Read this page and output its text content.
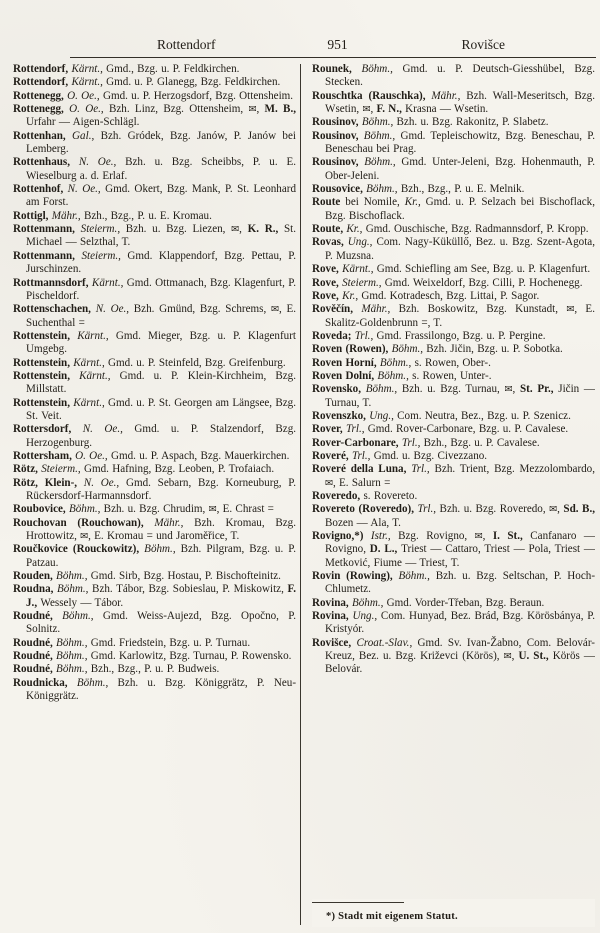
Rottendorf	951	Rovišce

Rottendorf, Kärnt., Gmd., Bzg. u. P. Feldkirchen.

Rottendorf, Kärnt., Gmd. u. P. Glanegg, Bzg. Feldkirchen.

Rottenegg, O. Oe., Gmd. u. P. Herzogsdorf, Bzg. Ottensheim.

Rottenegg, O. Oe., Bzh. Linz, Bzg. Ottensheim, ✉, M. B., Urfahr — Aigen-Schlägl.

Rottenhan, Gal., Bzh. Gródek, Bzg. Janów, P. Janów bei Lemberg.

Rottenhaus, N. Oe., Bzh. u. Bzg. Scheibbs, P. u. E. Wieselburg a. d. Erlaf.

Rottenhof, N. Oe., Gmd. Okert, Bzg. Mank, P. St. Leonhard am Forst.

Rottigl, Mähr., Bzh., Bzg., P. u. E. Kromau.

Rottenmann, Steierm., Bzh. u. Bzg. Liezen, ✉, K. R., St. Michael — Selzthal, T.

Rottenmann, Steierm., Gmd. Klappendorf, Bzg. Pettau, P. Jurschinzen.

Rottmannsdorf, Kärnt., Gmd. Ottmanach, Bzg. Klagenfurt, P. Pischeldorf.

Rottenschachen, N. Oe., Bzh. Gmünd, Bzg. Schrems, ✉, E. Suchenthal =

Rottenstein, Kärnt., Gmd. Mieger, Bzg. u. P. Klagenfurt Umgebg.

Rottenstein, Kärnt., Gmd. u. P. Steinfeld, Bzg. Greifenburg.

Rottenstein, Kärnt., Gmd. u. P. Klein-Kirchheim, Bzg. Millstatt.

Rottenstein, Kärnt., Gmd. u. P. St. Georgen am Längsee, Bzg. St. Veit.

Rottersdorf, N. Oe., Gmd. u. P. Stalzendorf, Bzg. Herzogenburg.

Rottersham, O. Oe., Gmd. u. P. Aspach, Bzg. Mauerkirchen.

Rötz, Steierm., Gmd. Hafning, Bzg. Leoben, P. Trofaiach.

Rötz, Klein-, N. Oe., Gmd. Sebarn, Bzg. Korneuburg, P. Rückersdorf-Harmannsdorf.

Roubovice, Böhm., Bzh. u. Bzg. Chrudim, ✉, E. Chrast =

Rouchovan (Rouchowan), Mähr., Bzh. Kromau, Bzg. Hrottowitz, ✉, E. Kromau = und Jaroměřice, T.

Roučkovice (Rouckowitz), Böhm., Bzh. Pilgram, Bzg. u. P. Patzau.

Rouden, Böhm., Gmd. Sirb, Bzg. Hostau, P. Bischofteinitz.

Roudna, Böhm., Bzh. Tábor, Bzg. Sobieslau, P. Miskowitz, F. J., Wessely — Tábor.

Roudné, Böhm., Gmd. Weiss-Aujezd, Bzg. Opočno, P. Solnitz.

Roudné, Böhm., Gmd. Friedstein, Bzg. u. P. Turnau.

Roudné, Böhm., Gmd. Karlowitz, Bzg. Turnau, P. Rowensko.

Roudné, Böhm., Bzh., Bzg., P. u. P. Budweis.

Roudnicka, Böhm., Bzh. u. Bzg. Königgrätz, P. Neu-Königgrätz.

Rounek, Böhm., Gmd. u. P. Deutsch-Giesshübel, Bzg. Stecken.

Rouschtka (Rauschka), Mähr., Bzh. Wall-Meseritsch, Bzg. Wsetin, ✉, F. N., Krasna — Wsetin.

Rousinov, Böhm., Bzh. u. Bzg. Rakonitz, P. Slabetz.

Rousinov, Böhm., Gmd. Tepleischowitz, Bzg. Beneschau, P. Beneschau bei Prag.

Rousinov, Böhm., Gmd. Unter-Jeleni, Bzg. Hohenmauth, P. Ober-Jeleni.

Rousovice, Böhm., Bzh., Bzg., P. u. E. Melnik.

Route bei Nomile, Kr., Gmd. u. P. Selzach bei Bischoflack, Bzg. Bischoflack.

Route, Kr., Gmd. Ouschische, Bzg. Radmannsdorf, P. Kropp.

Rovas, Ung., Com. Nagy-Küküllő, Bez. u. Bzg. Szent-Agota, P. Muzsna.

Rove, Kärnt., Gmd. Schiefling am See, Bzg. u. P. Klagenfurt.

Rove, Steierm., Gmd. Weixeldorf, Bzg. Cilli, P. Hochenegg.

Rove, Kr., Gmd. Kotradesch, Bzg. Littai, P. Sagor.

Rověčín, Mähr., Bzh. Boskowitz, Bzg. Kunstadt, ✉, E. Skalitz-Goldenbrunn =, T.

Roveda; Trl., Gmd. Frassilongo, Bzg. u. P. Pergine.

Roven (Rowen), Böhm., Bzh. Jičin, Bzg. u. P. Sobotka.

Roven Horní, Böhm., s. Rowen, Ober-.

Roven Dolní, Böhm., s. Rowen, Unter-.

Rovensko, Böhm., Bzh. u. Bzg. Turnau, ✉, St. Pr., Jičin — Turnau, T.

Rovenszko, Ung., Com. Neutra, Bez., Bzg. u. P. Szenicz.

Rover, Trl., Gmd. Rover-Carbonare, Bzg. u. P. Cavalese.

Rover-Carbonare, Trl., Bzh., Bzg. u. P. Cavalese.

Roveré, Trl., Gmd. u. Bzg. Civezzano.

Roveré della Luna, Trl., Bzh. Trient, Bzg. Mezzolombardo, ✉, E. Salurn =

Roveredo, s. Rovereto.

Rovereto (Roveredo), Trl., Bzh. u. Bzg. Roveredo, ✉, Sd. B., Bozen — Ala, T.

Rovigno,*) Istr., Bzg. Rovigno, ✉, I. St., Canfanaro — Rovigno, D. L., Triest — Cattaro, Triest — Pola, Triest — Metković, Fiume — Triest, T.

Rovin (Rowing), Böhm., Bzh. u. Bzg. Seltschan, P. Hoch-Chlumetz.

Rovina, Böhm., Gmd. Vorder-Třeban, Bzg. Beraun.

Rovina, Ung., Com. Hunyad, Bez. Brád, Bzg. Körösbánya, P. Kristyór.

Rovišce, Croat.-Slav., Gmd. Sv. Ivan-Žabno, Com. Belovár-Kreuz, Bez. u. Bzg. Križevci (Körös), ✉, U. St., Körös — Belovár.

*) Stadt mit eigenem Statut.
